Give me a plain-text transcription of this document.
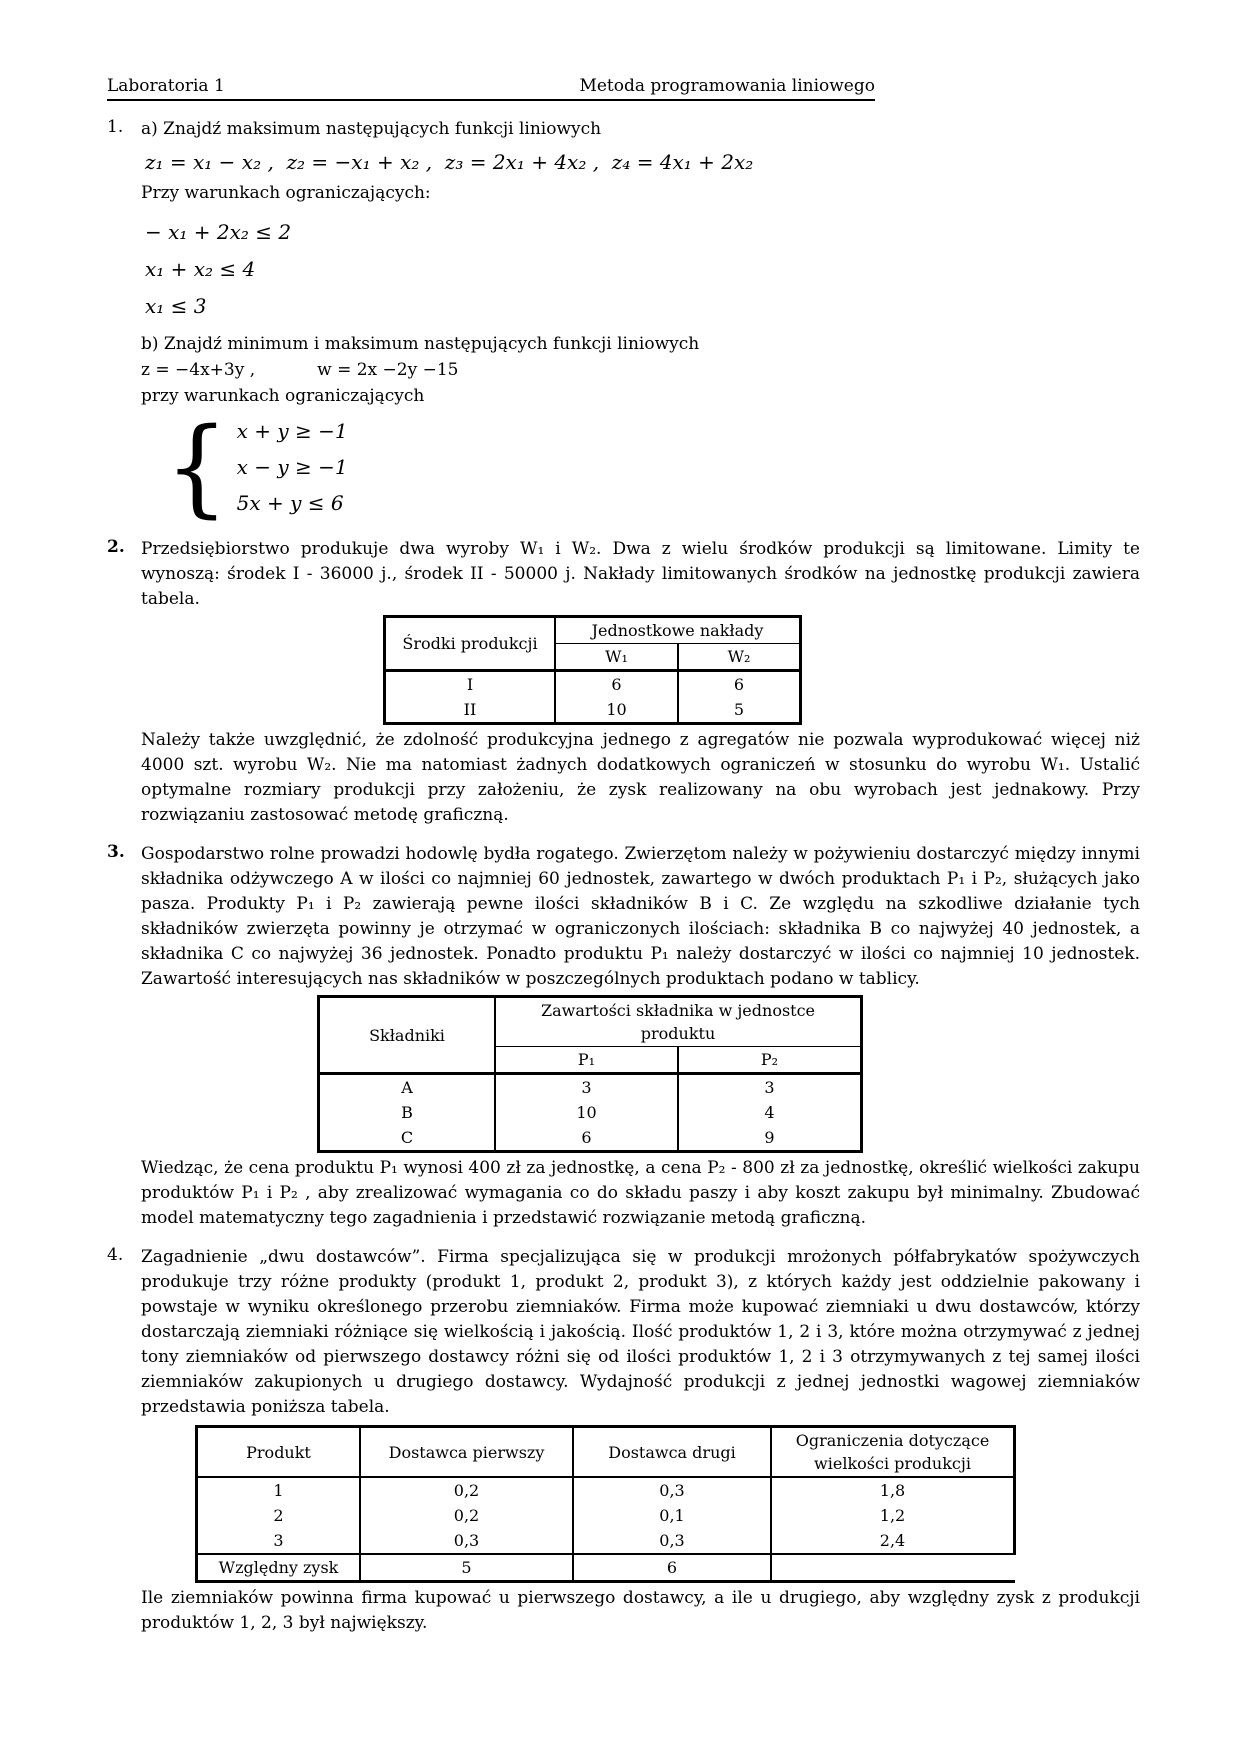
Laboratoria 1	Metoda programowania liniowego
1.	a) Znajdź maksimum następujących funkcji liniowych

z₁ = x₁ − x₂ ,  z₂ = −x₁ + x₂ ,  z₃ = 2x₁ + 4x₂ ,  z₄ = 4x₁ + 2x₂

Przy warunkach ograniczających:

− x₁ + 2x₂ ≤ 2
x₁ + x₂ ≤ 4
x₁ ≤ 3

b) Znajdź minimum i maksimum następujących funkcji liniowych

z = −4x+3y ,	w = 2x −2y −15

przy warunkach ograniczających

{ x + y ≥ −1
x − y ≥ −1
5x + y ≤ 6
2. Przedsiębiorstwo produkuje dwa wyroby W₁ i W₂. Dwa z wielu środków produkcji są limitowane. Limity te wynoszą: środek I - 36000 j., środek II - 50000 j. Nakłady limitowanych środków na jednostkę produkcji zawiera tabela.

Środki produkcji	Jednostkowe nakłady	
	W₁	W₂
I	6	6
II	10	5

Należy także uwzględnić, że zdolność produkcyjna jednego z agregatów nie pozwala wyprodukować więcej niż 4000 szt. wyrobu W₂. Nie ma natomiast żadnych dodatkowych ograniczeń w stosunku do wyrobu W₁. Ustalić optymalne rozmiary produkcji przy założeniu, że zysk realizowany na obu wyrobach jest jednakowy. Przy rozwiązaniu zastosować metodę graficzną.

3. Gospodarstwo rolne prowadzi hodowlę bydła rogatego. Zwierzętom należy w pożywieniu dostarczyć między innymi składnika odżywczego A w ilości co najmniej 60 jednostek, zawartego w dwóch produktach P₁ i P₂, służących jako pasza. Produkty P₁ i P₂ zawierają pewne ilości składników B i C. Ze względu na szkodliwe działanie tych składników zwierzęta powinny je otrzymać w ograniczonych ilościach: składnika B co najwyżej 40 jednostek, a składnika C co najwyżej 36 jednostek. Ponadto produktu P₁ należy dostarczyć w ilości co najmniej 10 jednostek. Zawartość interesujących nas składników w poszczególnych produktach podano w tablicy.

Składniki	Zawartości składnika w jednostce produktu	
	P₁	P₂
A	3	3
B	10	4
C	6	9

Wiedząc, że cena produktu P₁ wynosi 400 zł za jednostkę, a cena P₂ - 800 zł za jednostkę, określić wielkości zakupu produktów P₁ i P₂ , aby zrealizować wymagania co do składu paszy i aby koszt zakupu był minimalny. Zbudować model matematyczny tego zagadnienia i przedstawić rozwiązanie metodą graficzną.

4.	Zagadnienie „dwu dostawców”. Firma specjalizująca się w produkcji mrożonych półfabrykatów spożywczych produkuje trzy różne produkty (produkt 1, produkt 2, produkt 3), z których każdy jest oddzielnie pakowany i powstaje w wyniku określonego przerobu ziemniaków. Firma może kupować ziemniaki u dwu dostawców, którzy dostarczają ziemniaki różniące się wielkością i jakością. Ilość produktów 1, 2 i 3, które można otrzymywać z jednej tony ziemniaków od pierwszego dostawcy różni się od ilości produktów 1, 2 i 3 otrzymywanych z tej samej ilości ziemniaków zakupionych u drugiego dostawcy. Wydajność produkcji z jednej jednostki wagowej ziemniaków przedstawia poniższa tabela.

Produkt	Dostawca pierwszy	Dostawca drugi	Ograniczenia dotyczące wielkości produkcji
1	0,2	0,3	1,8
2	0,2	0,1	1,2
3	0,3	0,3	2,4
Względny zysk	5	6	

Ile ziemniaków powinna firma kupować u pierwszego dostawcy, a ile u drugiego, aby względny zysk z produkcji produktów 1, 2, 3 był największy.
